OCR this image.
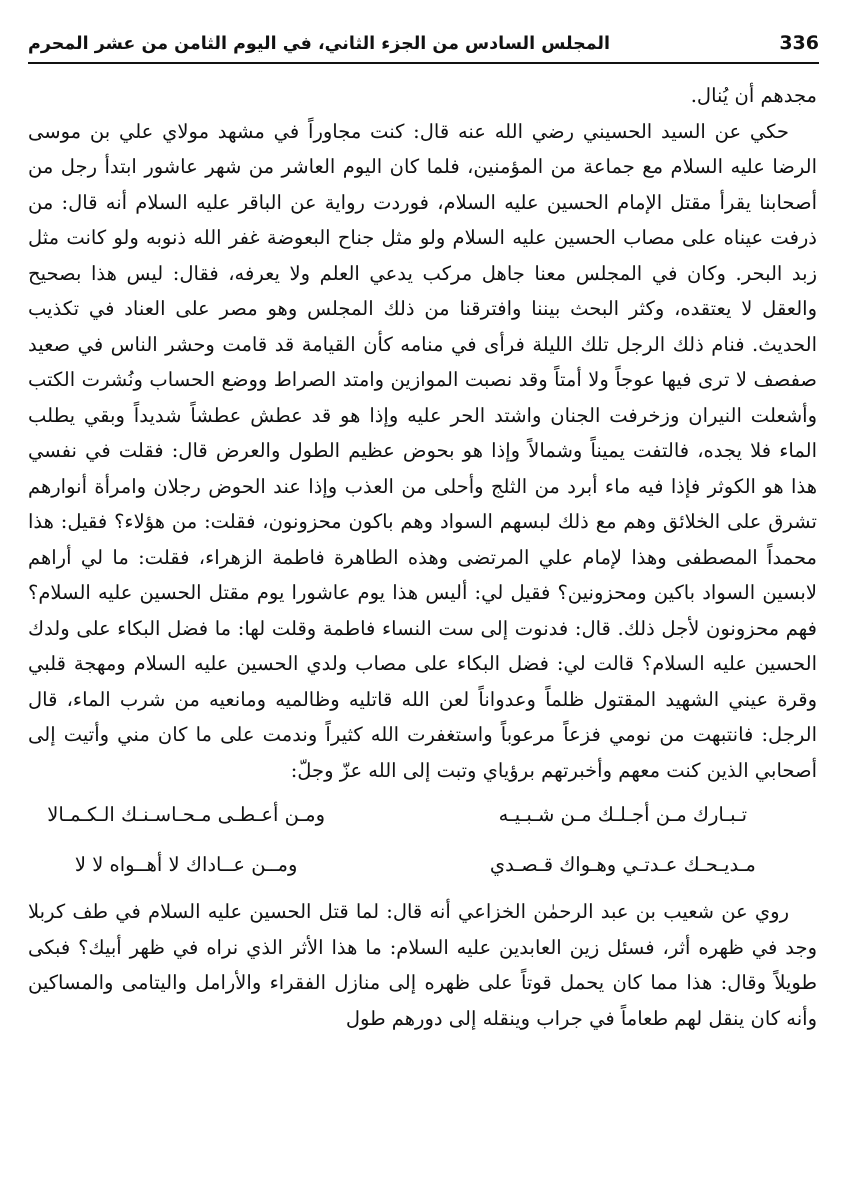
المجلس السادس من الجزء الثاني، في اليوم الثامن من عشر المحرم	336

مجدهم أن يُنال.

حكي عن السيد الحسيني رضي الله عنه قال: كنت مجاوراً في مشهد مولاي علي بن موسى الرضا عليه السلام مع جماعة من المؤمنين، فلما كان اليوم العاشر من شهر عاشور ابتدأ رجل من أصحابنا يقرأ مقتل الإمام الحسين عليه السلام، فوردت رواية عن الباقر عليه السلام أنه قال: من ذرفت عيناه على مصاب الحسين عليه السلام ولو مثل جناح البعوضة غفر الله ذنوبه ولو كانت مثل زبد البحر. وكان في المجلس معنا جاهل مركب يدعي العلم ولا يعرفه، فقال: ليس هذا بصحيح والعقل لا يعتقده، وكثر البحث بيننا وافترقنا من ذلك المجلس وهو مصر على العناد في تكذيب الحديث. فنام ذلك الرجل تلك الليلة فرأى في منامه كأن القيامة قد قامت وحشر الناس في صعيد صفصف لا ترى فيها عوجاً ولا أمتاً وقد نصبت الموازين وامتد الصراط ووضع الحساب ونُشرت الكتب وأشعلت النيران وزخرفت الجنان واشتد الحر عليه وإذا هو قد عطش عطشاً شديداً وبقي يطلب الماء فلا يجده، فالتفت يميناً وشمالاً وإذا هو بحوض عظيم الطول والعرض قال: فقلت في نفسي هذا هو الكوثر فإذا فيه ماء أبرد من الثلج وأحلى من العذب وإذا عند الحوض رجلان وامرأة أنوارهم تشرق على الخلائق وهم مع ذلك لبسهم السواد وهم باكون محزونون، فقلت: من هؤلاء؟ فقيل: هذا محمداً المصطفى وهذا لإمام علي المرتضى وهذه الطاهرة فاطمة الزهراء، فقلت: ما لي أراهم لابسين السواد باكين ومحزونين؟ فقيل لي: أليس هذا يوم عاشورا يوم مقتل الحسين عليه السلام؟ فهم محزونون لأجل ذلك. قال: فدنوت إلى ست النساء فاطمة وقلت لها: ما فضل البكاء على ولدك الحسين عليه السلام؟ قالت لي: فضل البكاء على مصاب ولدي الحسين عليه السلام ومهجة قلبي وقرة عيني الشهيد المقتول ظلماً وعدواناً لعن الله قاتليه وظالميه ومانعيه من شرب الماء، قال الرجل: فانتبهت من نومي فزعاً مرعوباً واستغفرت الله كثيراً وندمت على ما كان مني وأتيت إلى أصحابي الذين كنت معهم وأخبرتهم برؤياي وتبت إلى الله عزّ وجلّ:

تـبـارك مـن أجـلـك مـن شـبـيـه
ومـن أعـطـى مـحـاسـنـك الـكـمـالا
مـديـحـك عـدتـي وهـواك قـصـدي
ومــن عــاداك لا أهــواه لا لا

روي عن شعيب بن عبد الرحمٰن الخزاعي أنه قال: لما قتل الحسين عليه السلام في طف كربلا وجد في ظهره أثر، فسئل زين العابدين عليه السلام: ما هذا الأثر الذي نراه في ظهر أبيك؟ فبكى طويلاً وقال: هذا مما كان يحمل قوتاً على ظهره إلى منازل الفقراء والأرامل واليتامى والمساكين وأنه كان ينقل لهم طعاماً في جراب وينقله إلى دورهم طول
